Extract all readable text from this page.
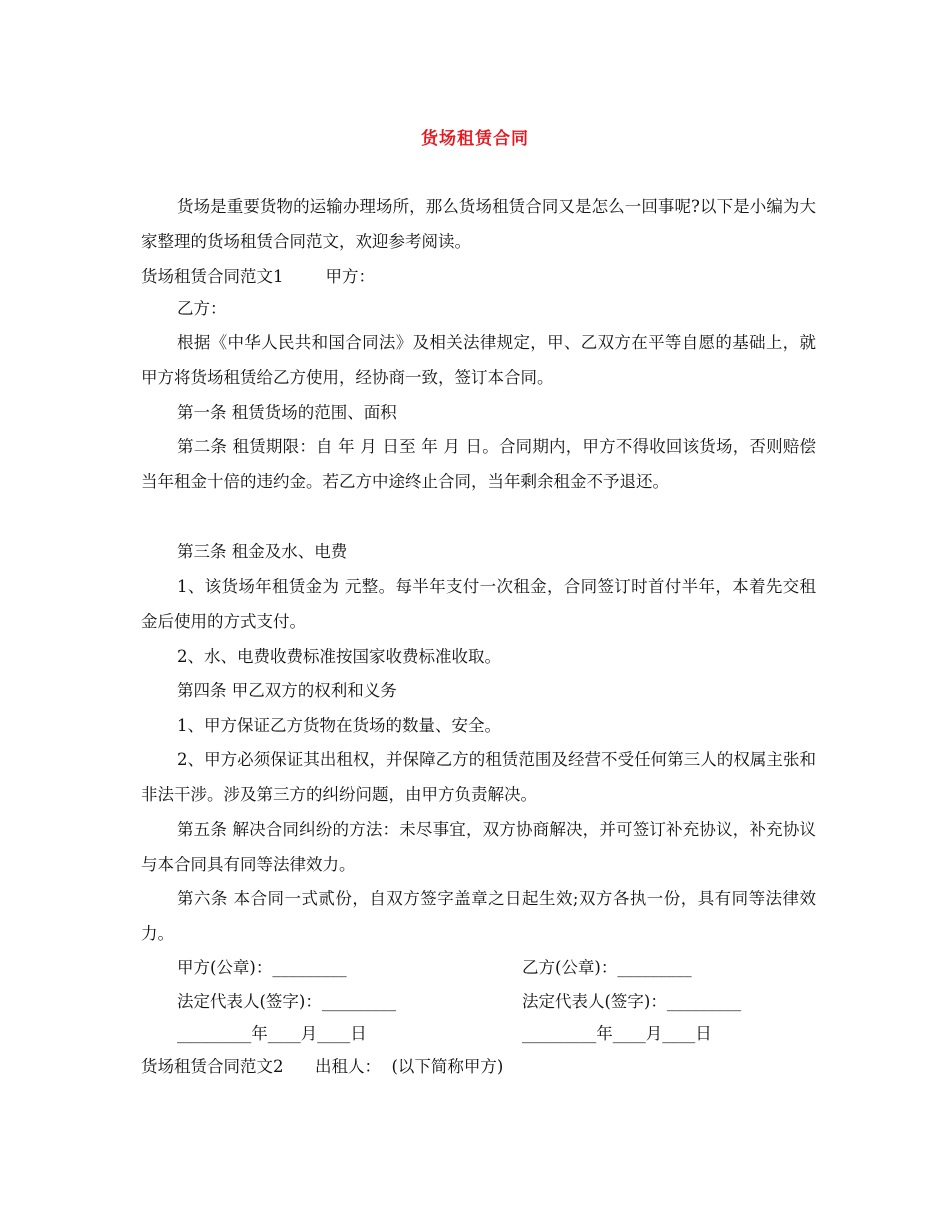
货场租赁合同

货场是重要货物的运输办理场所，那么货场租赁合同又是怎么一回事呢?以下是小编为大家整理的货场租赁合同范文，欢迎参考阅读。

货场租赁合同范文1        甲方：

乙方：

根据《中华人民共和国合同法》及相关法律规定，甲、乙双方在平等自愿的基础上，就甲方将货场租赁给乙方使用，经协商一致，签订本合同。

第一条 租赁货场的范围、面积

第二条 租赁期限：自 年 月 日至 年 月 日。合同期内，甲方不得收回该货场，否则赔偿当年租金十倍的违约金。若乙方中途终止合同，当年剩余租金不予退还。

第三条 租金及水、电费

1、该货场年租赁金为 元整。每半年支付一次租金，合同签订时首付半年，本着先交租金后使用的方式支付。

2、水、电费收费标准按国家收费标准收取。

第四条 甲乙双方的权利和义务

1、甲方保证乙方货物在货场的数量、安全。

2、甲方必须保证其出租权，并保障乙方的租赁范围及经营不受任何第三人的权属主张和非法干涉。涉及第三方的纠纷问题，由甲方负责解决。

第五条 解决合同纠纷的方法：未尽事宜，双方协商解决，并可签订补充协议，补充协议与本合同具有同等法律效力。

第六条 本合同一式贰份，自双方签字盖章之日起生效;双方各执一份，具有同等法律效力。

甲方(公章)：_________	乙方(公章)：_________
法定代表人(签字)：_________	法定代表人(签字)：_________
_________年____月____日	_________年____月____日
货场租赁合同范文2      出租人：  (以下简称甲方)
